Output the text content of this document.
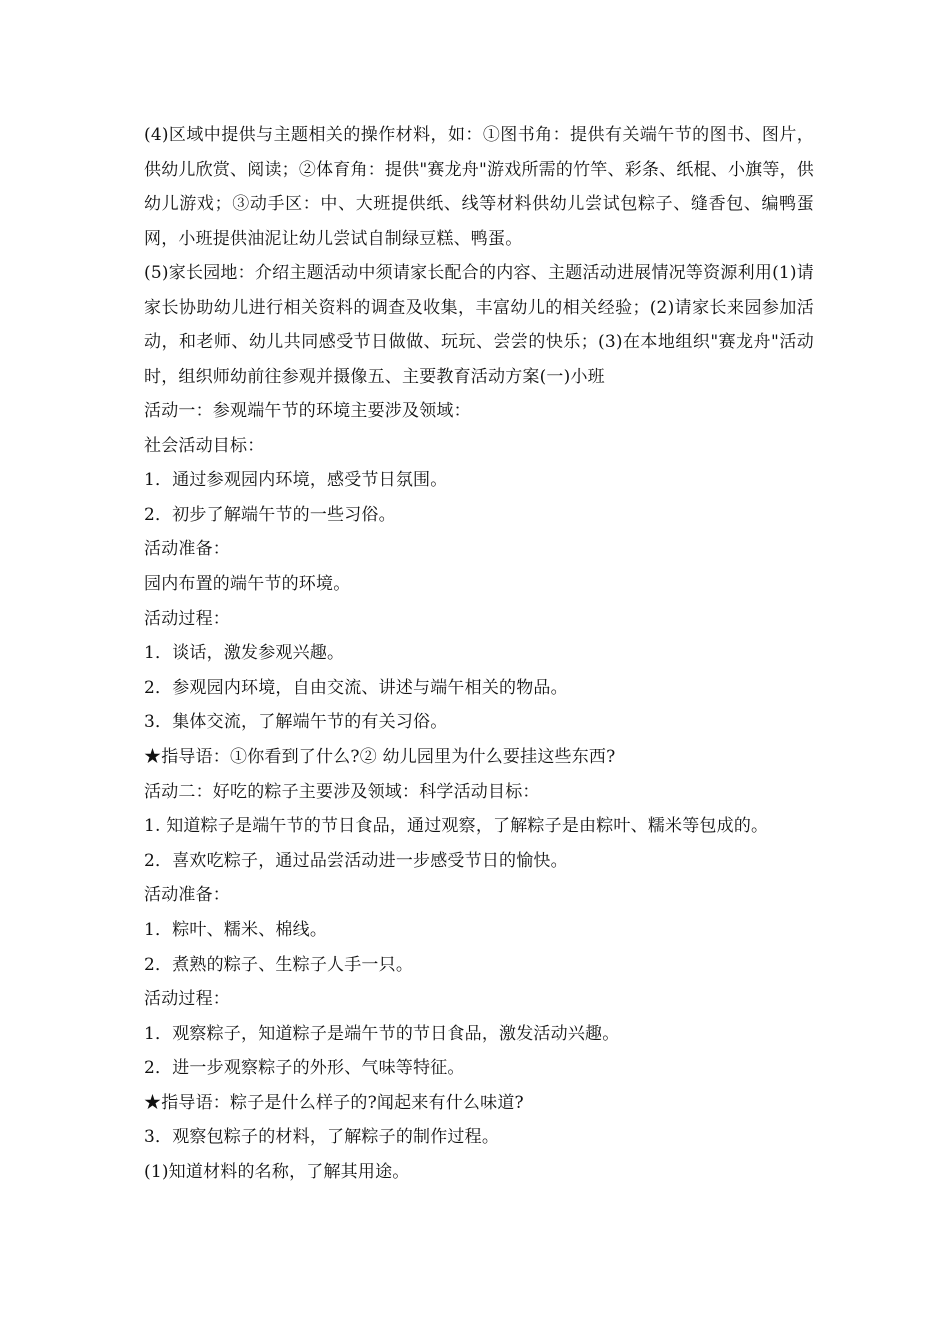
(4)区域中提供与主题相关的操作材料，如：①图书角：提供有关端午节的图书、图片，供幼儿欣赏、阅读；②体育角：提供"赛龙舟"游戏所需的竹竿、彩条、纸棍、小旗等，供幼儿游戏；③动手区：中、大班提供纸、线等材料供幼儿尝试包粽子、缝香包、编鸭蛋网，小班提供油泥让幼儿尝试自制绿豆糕、鸭蛋。

(5)家长园地：介绍主题活动中须请家长配合的内容、主题活动进展情况等资源利用(1)请家长协助幼儿进行相关资料的调查及收集，丰富幼儿的相关经验；(2)请家长来园参加活动，和老师、幼儿共同感受节日做做、玩玩、尝尝的快乐；(3)在本地组织"赛龙舟"活动时，组织师幼前往参观并摄像五、主要教育活动方案(一)小班

活动一：参观端午节的环境主要涉及领域：

社会活动目标：

1．通过参观园内环境，感受节日氛围。

2．初步了解端午节的一些习俗。

活动准备：

园内布置的端午节的环境。

活动过程：

1．谈话，激发参观兴趣。

2．参观园内环境，自由交流、讲述与端午相关的物品。

3．集体交流，了解端午节的有关习俗。

★指导语：①你看到了什么?② 幼儿园里为什么要挂这些东西?

活动二：好吃的粽子主要涉及领域：科学活动目标：

1. 知道粽子是端午节的节日食品，通过观察，了解粽子是由粽叶、糯米等包成的。

2．喜欢吃粽子，通过品尝活动进一步感受节日的愉快。

活动准备：

1．粽叶、糯米、棉线。

2．煮熟的粽子、生粽子人手一只。

活动过程：

1．观察粽子，知道粽子是端午节的节日食品，激发活动兴趣。

2．进一步观察粽子的外形、气味等特征。

★指导语：粽子是什么样子的?闻起来有什么味道?

3．观察包粽子的材料，了解粽子的制作过程。

(1)知道材料的名称，了解其用途。
